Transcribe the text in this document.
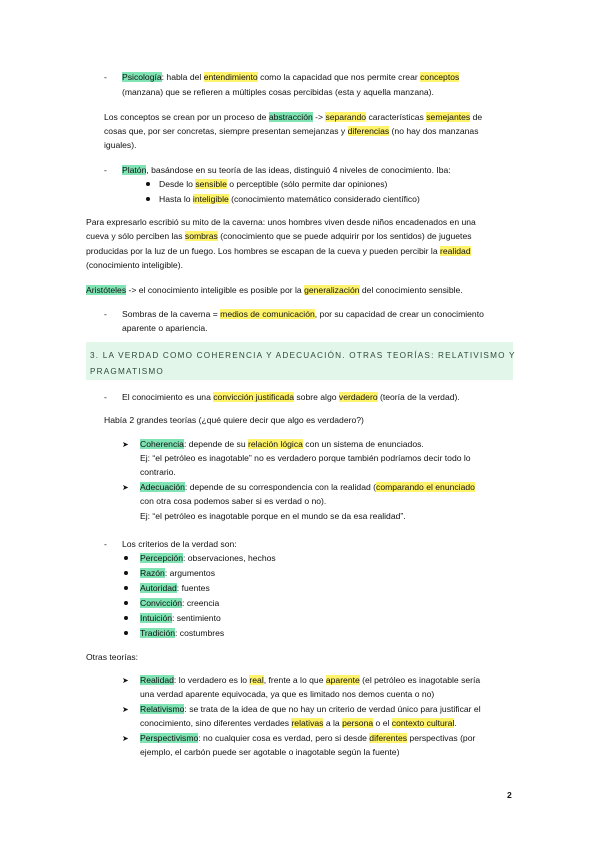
- Psicología: habla del entendimiento como la capacidad que nos permite crear conceptos
(manzana) que se refieren a múltiples cosas percibidas (esta y aquella manzana).
Los conceptos se crean por un proceso de abstracción -> separando características semejantes de
cosas que, por ser concretas, siempre presentan semejanzas y diferencias (no hay dos manzanas
iguales).
- Platón, basándose en su teoría de las ideas, distinguió 4 niveles de conocimiento. Iba:
Desde lo sensible o perceptible (sólo permite dar opiniones)
Hasta lo inteligible (conocimiento matemático considerado científico)
Para expresarlo escribió su mito de la caverna: unos hombres viven desde niños encadenados en una
cueva y sólo perciben las sombras (conocimiento que se puede adquirir por los sentidos) de juguetes
producidas por la luz de un fuego. Los hombres se escapan de la cueva y pueden percibir la realidad
(conocimiento inteligible).
Aristóteles -> el conocimiento inteligible es posible por la generalización del conocimiento sensible.
- Sombras de la caverna = medios de comunicación, por su capacidad de crear un conocimiento
aparente o apariencia.
3. LA VERDAD COMO COHERENCIA Y ADECUACIÓN. OTRAS TEORÍAS: RELATIVISMO Y
PRAGMATISMO
- El conocimiento es una convicción justificada sobre algo verdadero (teoría de la verdad).
Había 2 grandes teorías (¿qué quiere decir que algo es verdadero?)
➤ Coherencia: depende de su relación lógica con un sistema de enunciados.
Ej: “el petróleo es inagotable” no es verdadero porque también podríamos decir todo lo
contrario.
➤ Adecuación: depende de su correspondencia con la realidad (comparando el enunciado
con otra cosa podemos saber si es verdad o no).
Ej: “el petróleo es inagotable porque en el mundo se da esa realidad”.
- Los criterios de la verdad son:
Percepción: observaciones, hechos
Razón: argumentos
Autoridad: fuentes
Convicción: creencia
Intuición: sentimiento
Tradición: costumbres
Otras teorías:
➤ Realidad: lo verdadero es lo real, frente a lo que aparente (el petróleo es inagotable sería
una verdad aparente equivocada, ya que es limitado nos demos cuenta o no)
➤ Relativismo: se trata de la idea de que no hay un criterio de verdad único para justificar el
conocimiento, sino diferentes verdades relativas a la persona o el contexto cultural.
➤ Perspectivismo: no cualquier cosa es verdad, pero si desde diferentes perspectivas (por
ejemplo, el carbón puede ser agotable o inagotable según la fuente)
2
